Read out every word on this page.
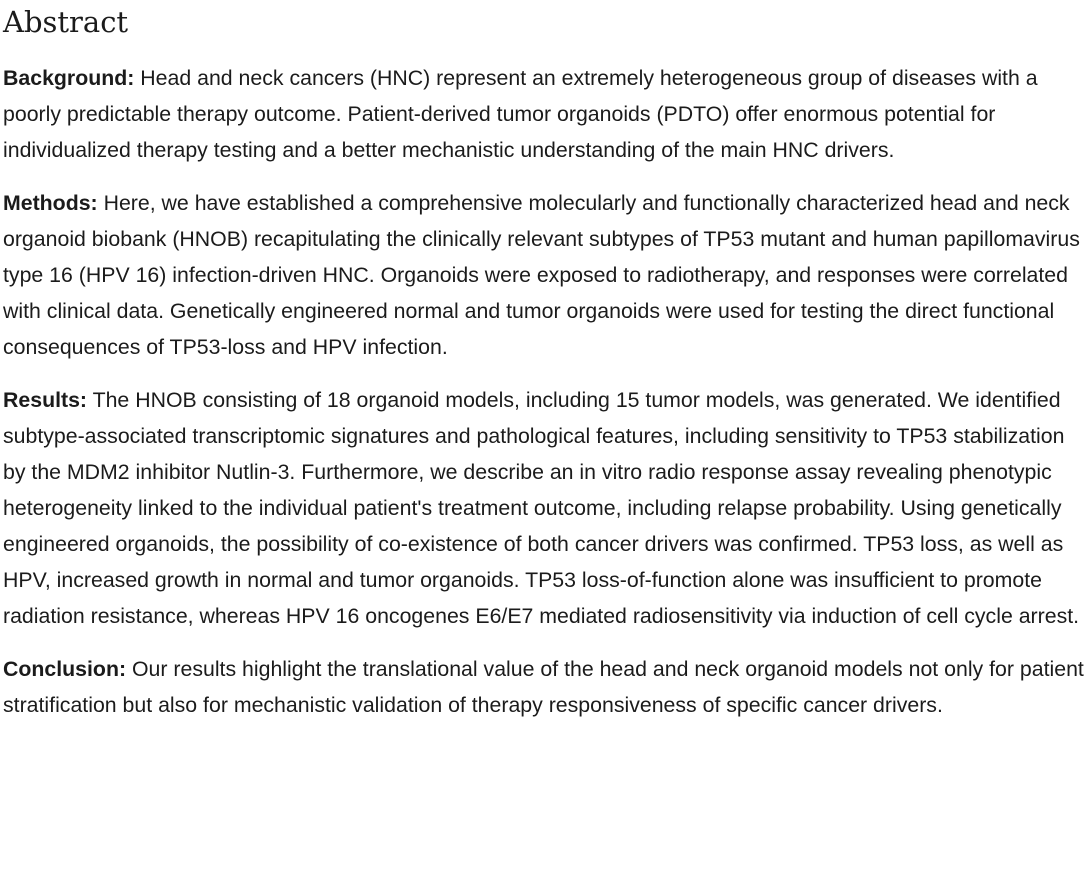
Abstract

Background: Head and neck cancers (HNC) represent an extremely heterogeneous group of diseases with a poorly predictable therapy outcome. Patient-derived tumor organoids (PDTO) offer enormous potential for individualized therapy testing and a better mechanistic understanding of the main HNC drivers.

Methods: Here, we have established a comprehensive molecularly and functionally characterized head and neck organoid biobank (HNOB) recapitulating the clinically relevant subtypes of TP53 mutant and human papillomavirus type 16 (HPV 16) infection-driven HNC. Organoids were exposed to radiotherapy, and responses were correlated with clinical data. Genetically engineered normal and tumor organoids were used for testing the direct functional consequences of TP53-loss and HPV infection.

Results: The HNOB consisting of 18 organoid models, including 15 tumor models, was generated. We identified subtype-associated transcriptomic signatures and pathological features, including sensitivity to TP53 stabilization by the MDM2 inhibitor Nutlin-3. Furthermore, we describe an in vitro radio response assay revealing phenotypic heterogeneity linked to the individual patient's treatment outcome, including relapse probability. Using genetically engineered organoids, the possibility of co-existence of both cancer drivers was confirmed. TP53 loss, as well as HPV, increased growth in normal and tumor organoids. TP53 loss-of-function alone was insufficient to promote radiation resistance, whereas HPV 16 oncogenes E6/E7 mediated radiosensitivity via induction of cell cycle arrest.

Conclusion: Our results highlight the translational value of the head and neck organoid models not only for patient stratification but also for mechanistic validation of therapy responsiveness of specific cancer drivers.
